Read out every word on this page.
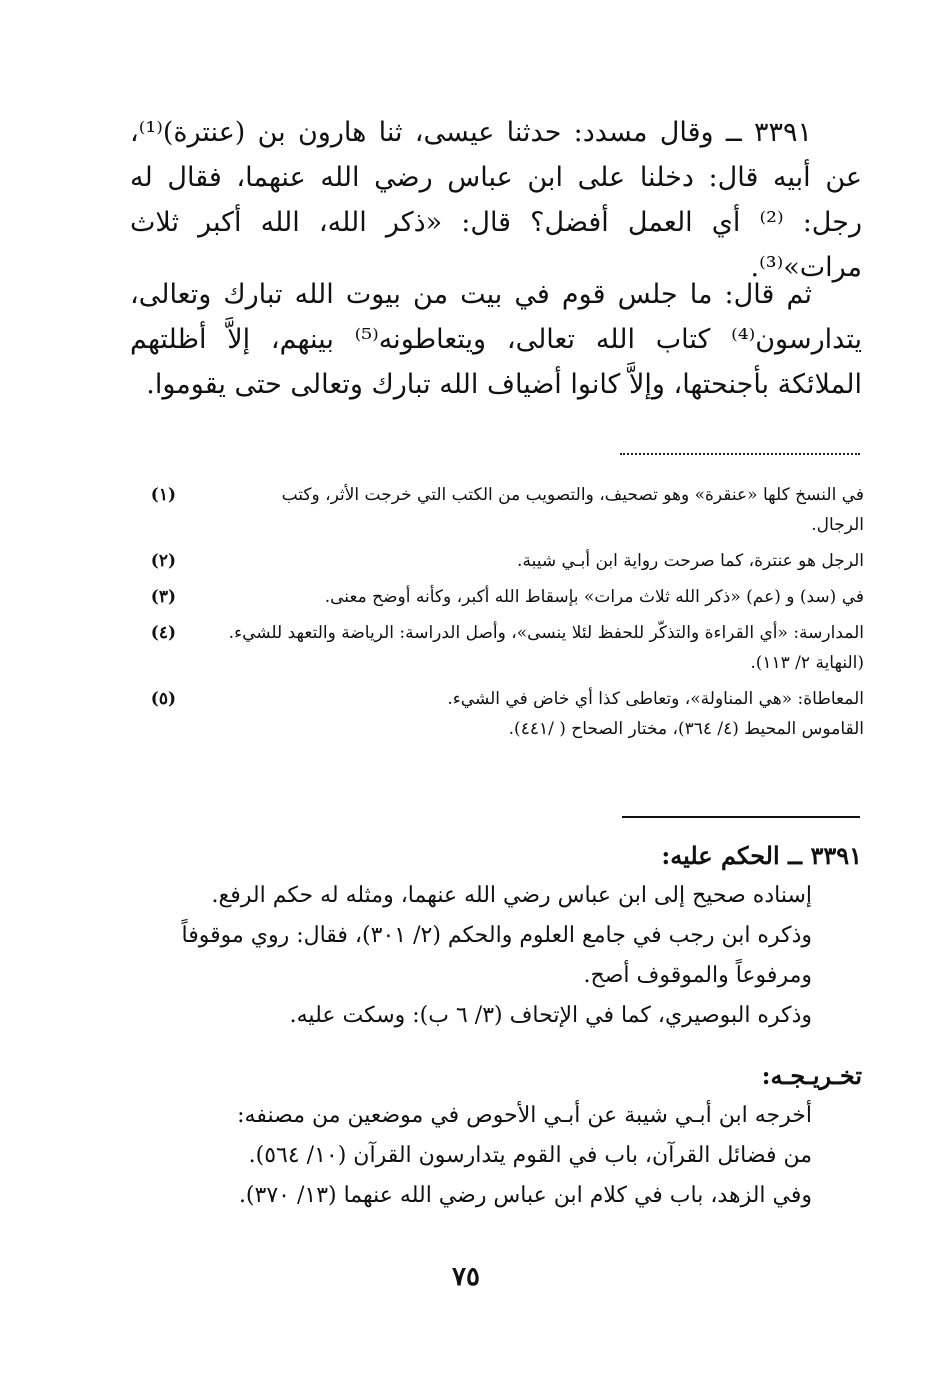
٣٣٩١ ــ وقال مسدد: حدثنا عيسى، ثنا هارون بن (عنترة)⁽¹⁾، عن أبيه قال: دخلنا على ابن عباس رضي الله عنهما، فقال له رجل: ⁽²⁾ أي العمل أفضل؟ قال: «ذكر الله، الله أكبر ثلاث مرات»⁽³⁾.

ثم قال: ما جلس قوم في بيت من بيوت الله تبارك وتعالى، يتدارسون⁽⁴⁾ كتاب الله تعالى، ويتعاطونه⁽⁵⁾ بينهم، إلاَّ أظلتهم الملائكة بأجنحتها، وإلاَّ كانوا أضياف الله تبارك وتعالى حتى يقوموا.

(١)	في النسخ كلها «عنقرة» وهو تصحيف، والتصويب من الكتب التي خرجت الأثر، وكتب
الرجال.
(٢)	الرجل هو عنترة، كما صرحت رواية ابن أبـي شيبة.
(٣)	في (سد) و (عم) «ذكر الله ثلاث مرات» بإسقاط الله أكبر، وكأنه أوضح معنى.
(٤)	المدارسة: «أي القراءة والتذكّر للحفظ لئلا ينسى»، وأصل الدراسة: الرياضة والتعهد للشيء.
(النهاية ٢/ ١١٣).
(٥)	المعاطاة: «هي المناولة»، وتعاطى كذا أي خاض في الشيء.
القاموس المحيط (٤/ ٣٦٤)، مختار الصحاح ( /٤٤١).

٣٣٩١ ــ الحكم عليه:

إسناده صحيح إلى ابن عباس رضي الله عنهما، ومثله له حكم الرفع.

وذكره ابن رجب في جامع العلوم والحكم (٢/ ٣٠١)، فقال: روي موقوفاً ومرفوعاً والموقوف أصح.

وذكره البوصيري، كما في الإتحاف (٣/ ٦ ب): وسكت عليه.

تخـريـجـه:

أخرجه ابن أبـي شيبة عن أبـي الأحوص في موضعين من مصنفه:

من فضائل القرآن، باب في القوم يتدارسون القرآن (١٠/ ٥٦٤).

وفي الزهد، باب في كلام ابن عباس رضي الله عنهما (١٣/ ٣٧٠).

٧٥
